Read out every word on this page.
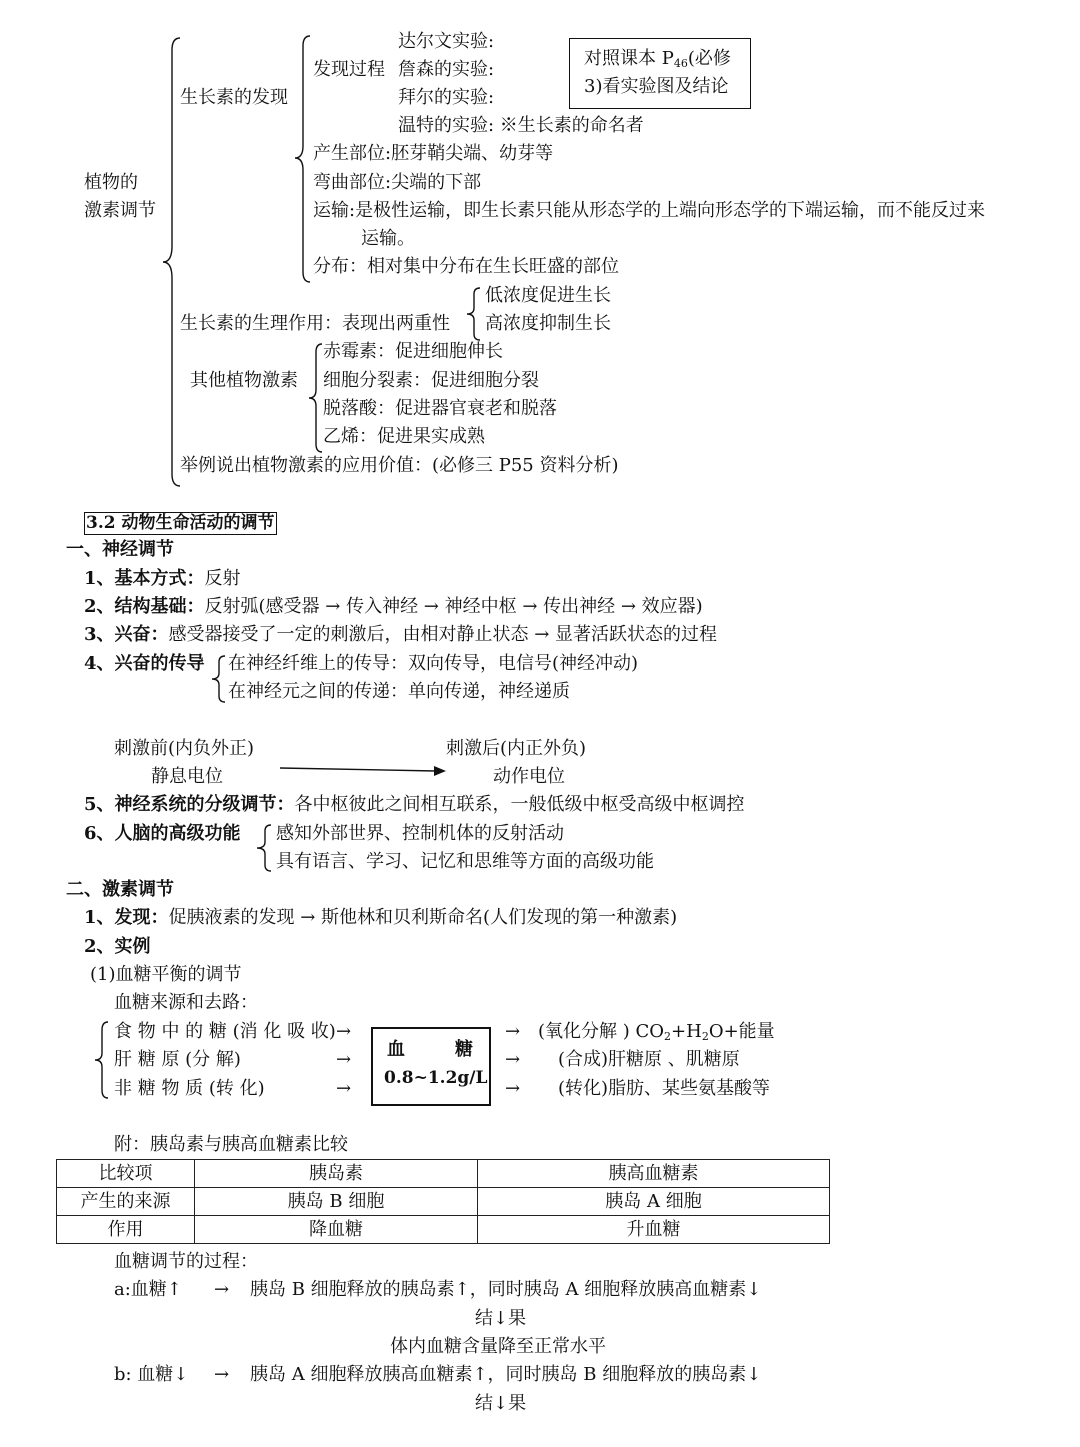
植物的
激素调节
生长素的发现
发现过程
达尔文实验:
詹森的实验:
拜尔的实验:
温特的实验: ※生长素的命名者
对照课本 $P_{46}$(必修
3)看实验图及结论
产生部位:胚芽鞘尖端、幼芽等
弯曲部位:尖端的下部
运输:是极性运输，即生长素只能从形态学的上端向形态学的下端运输，而不能反过来
运输。
分布：相对集中分布在生长旺盛的部位
生长素的生理作用：表现出两重性
低浓度促进生长
高浓度抑制生长
其他植物激素
赤霉素：促进细胞伸长
细胞分裂素：促进细胞分裂
脱落酸：促进器官衰老和脱落
乙烯：促进果实成熟
举例说出植物激素的应用价值：(必修三 P55 资料分析)
3.2 动物生命活动的调节
一、神经调节
1、基本方式：反射
2、结构基础：反射弧(感受器 → 传入神经 → 神经中枢 → 传出神经 → 效应器)
3、兴奋：感受器接受了一定的刺激后，由相对静止状态 → 显著活跃状态的过程
4、兴奋的传导 在神经纤维上的传导：双向传导，电信号(神经冲动)
在神经元之间的传递：单向传递，神经递质
刺激前(内负外正)
静息电位
刺激后(内正外负)
动作电位
5、神经系统的分级调节：各中枢彼此之间相互联系，一般低级中枢受高级中枢调控
6、人脑的高级功能 感知外部世界、控制机体的反射活动
具有语言、学习、记忆和思维等方面的高级功能
二、激素调节
1、发现：促胰液素的发现 → 斯他林和贝利斯命名(人们发现的第一种激素)
2、实例
(1)血糖平衡的调节
血糖来源和去路：
食 物 中 的 糖 (消 化 吸 收)
肝 糖 原 (分 解)
非 糖 物 质 (转 化)
→
→
→
血	糖
0.8~1.2g/L
→
→
→
(氧化分解 ) $CO_2+H_2O+$能量
(合成)肝糖原 、肌糖原
(转化)脂肪、某些氨基酸等
附：胰岛素与胰高血糖素比较
比较项	胰岛素	胰高血糖素
产生的来源	胰岛 B 细胞	胰岛 A 细胞
作用	降血糖	升血糖
血糖调节的过程：
a:血糖↑ → 胰岛 B 细胞释放的胰岛素↑，同时胰岛 A 细胞释放胰高血糖素↓
结↓果
体内血糖含量降至正常水平
b: 血糖↓ → 胰岛 A 细胞释放胰高血糖素↑，同时胰岛 B 细胞释放的胰岛素↓
结↓果
